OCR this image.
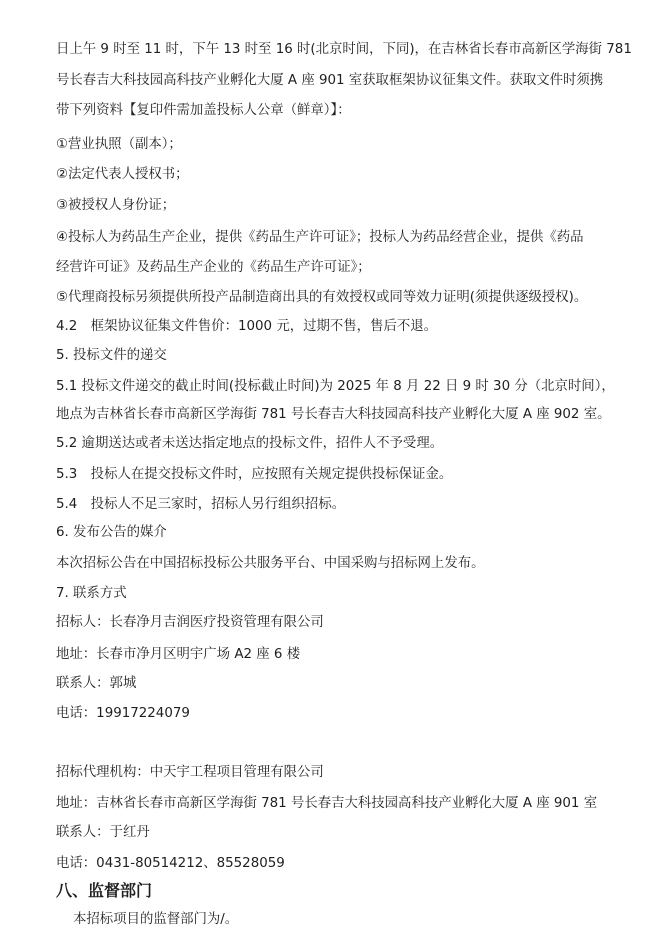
日上午 9 时至 11 时，下午 13 时至 16 时(北京时间，下同)，在吉林省长春市高新区学海街 781
号长春吉大科技园高科技产业孵化大厦 A 座 901 室获取框架协议征集文件。获取文件时须携
带下列资料【复印件需加盖投标人公章（鲜章）】：
①营业执照（副本）；
②法定代表人授权书；
③被授权人身份证；
④投标人为药品生产企业，提供《药品生产许可证》；投标人为药品经营企业，提供《药品
经营许可证》及药品生产企业的《药品生产许可证》；
⑤代理商投标另须提供所投产品制造商出具的有效授权或同等效力证明(须提供逐级授权)。
4.2　框架协议征集文件售价：1000 元，过期不售，售后不退。
5. 投标文件的递交
5.1 投标文件递交的截止时间(投标截止时间)为 2025 年 8 月 22 日 9 时 30 分（北京时间），
地点为吉林省长春市高新区学海街 781 号长春吉大科技园高科技产业孵化大厦 A 座 902 室。
5.2 逾期送达或者未送达指定地点的投标文件，招件人不予受理。
5.3　投标人在提交投标文件时，应按照有关规定提供投标保证金。
5.4　投标人不足三家时，招标人另行组织招标。
6. 发布公告的媒介
本次招标公告在中国招标投标公共服务平台、中国采购与招标网上发布。
7. 联系方式
招标人：长春净月吉润医疗投资管理有限公司
地址：长春市净月区明宇广场 A2 座 6 楼
联系人：郭城
电话：19917224079
招标代理机构：中天宇工程项目管理有限公司
地址：吉林省长春市高新区学海街 781 号长春吉大科技园高科技产业孵化大厦 A 座 901 室
联系人：于红丹
电话：0431-80514212、85528059
八、监督部门
本招标项目的监督部门为/。
